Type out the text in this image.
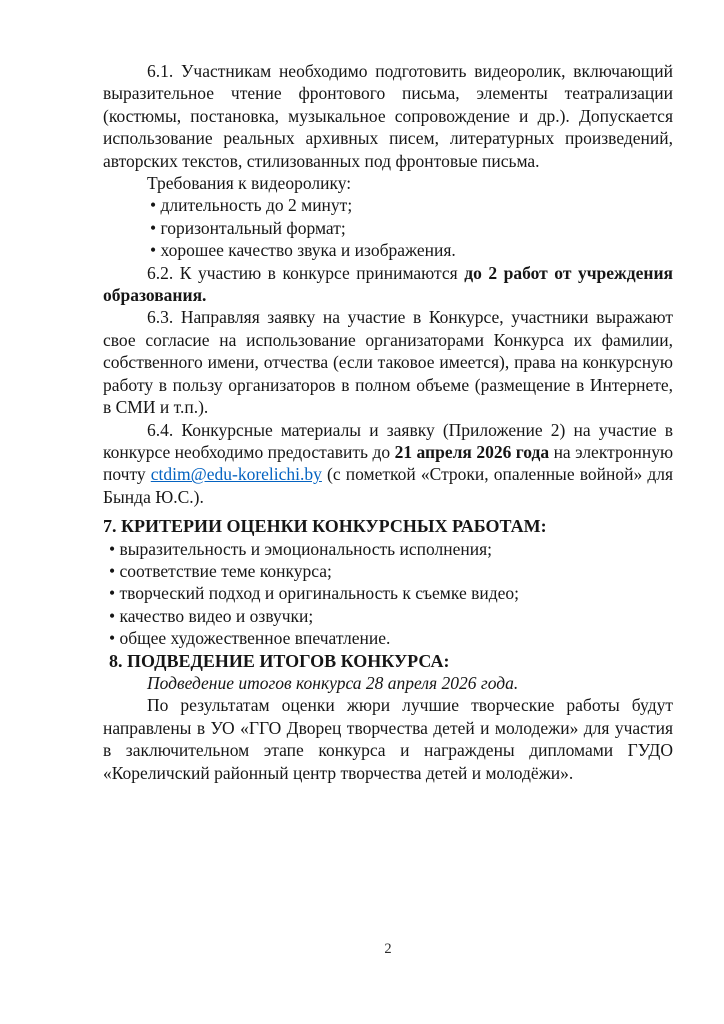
6.1. Участникам необходимо подготовить видеоролик, включающий выразительное чтение фронтового письма, элементы театрализации (костюмы, постановка, музыкальное сопровождение и др.). Допускается использование реальных архивных писем, литературных произведений, авторских текстов, стилизованных под фронтовые письма.

Требования к видеоролику:

• длительность до 2 минут;
• горизонтальный формат;
• хорошее качество звука и изображения.

6.2. К участию в конкурсе принимаются до 2 работ от учреждения образования.

6.3. Направляя заявку на участие в Конкурсе, участники выражают свое согласие на использование организаторами Конкурса их фамилии, собственного имени, отчества (если таковое имеется), права на конкурсную работу в пользу организаторов в полном объеме (размещение в Интернете, в СМИ и т.п.).

6.4. Конкурсные материалы и заявку (Приложение 2) на участие в конкурсе необходимо предоставить до 21 апреля 2026 года на электронную почту ctdim@edu-korelichi.by (с пометкой «Строки, опаленные войной» для Бында Ю.С.).

7. КРИТЕРИИ ОЦЕНКИ КОНКУРСНЫХ РАБОТАМ:

• выразительность и эмоциональность исполнения;
• соответствие теме конкурса;
• творческий подход и оригинальность к съемке видео;
• качество видео и озвучки;
• общее художественное впечатление.

8. ПОДВЕДЕНИЕ ИТОГОВ КОНКУРСА:

Подведение итогов конкурса 28 апреля 2026 года.

По результатам оценки жюри лучшие творческие работы будут направлены в УО «ГГО Дворец творчества детей и молодежи» для участия в заключительном этапе конкурса и награждены дипломами ГУДО «Кореличский районный центр творчества детей и молодёжи».

2
